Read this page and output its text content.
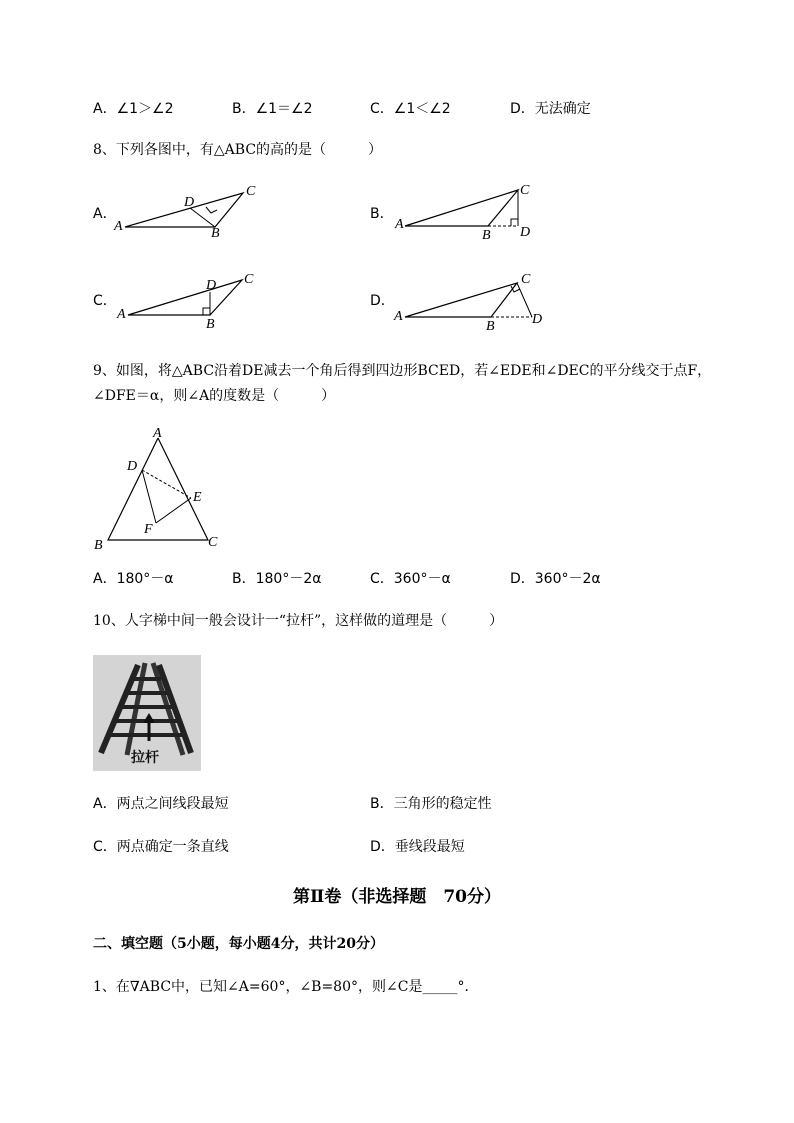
A．∠1＞∠2	B．∠1＝∠2	C．∠1＜∠2	D．无法确定
8、下列各图中，有△ABC的高的是（　　　）
A．
A	B
C
D
B．
A
B
C
D
C．
A
B
C
D
D．
A
B
C
D
9、如图，将△ABC沿着DE减去一个角后得到四边形BCED，若∠EDE和∠DEC的平分线交于点F，
∠DFE＝α，则∠A的度数是（　　　）
A
B	C
D
E
F
A．180°－α	B．180°－2α	C．360°－α	D．360°－2α
10、人字梯中间一般会设计一“拉杆”，这样做的道理是（　　　）
拉杆
A．两点之间线段最短	B．三角形的稳定性
C．两点确定一条直线	D．垂线段最短
第Ⅱ卷（非选择题　70分）
二、填空题（5小题，每小题4分，共计20分）
1、在∇ABC中，已知∠A=60°，∠B=80°，则∠C是_____°．
